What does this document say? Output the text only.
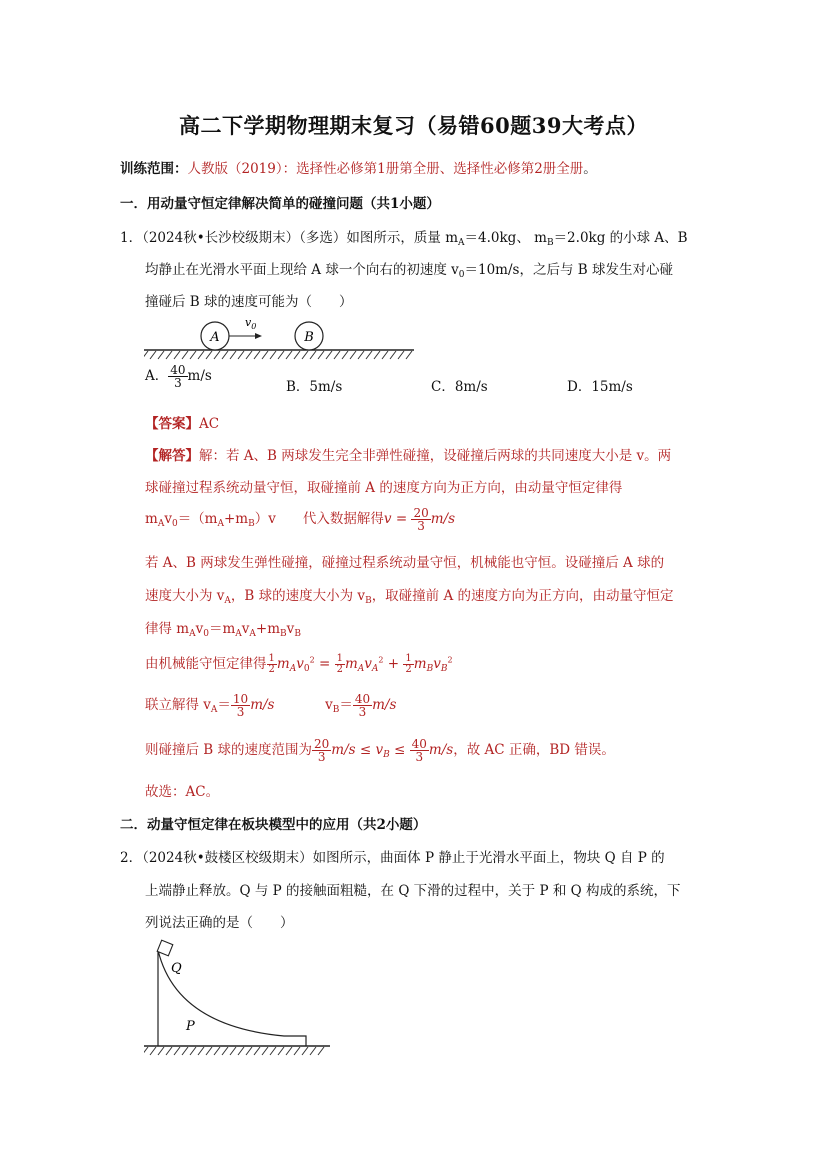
高二下学期物理期末复习（易错60题39大考点）
训练范围：人教版（2019）：选择性必修第1册第全册、选择性必修第2册全册。
一．用动量守恒定律解决简单的碰撞问题（共1小题）
1．（2024秋•长沙校级期末）（多选）如图所示，质量 $m_A=4.0kg$、 $m_B=2.0kg$ 的小球 A、B
均静止在光滑水平面上现给 A 球一个向右的初速度 $v_0=10m/s$，之后与 B 球发生对心碰
撞碰后 B 球的速度可能为（　　）
A	B
$v_0$
A． $\frac{40}{3} m/s$
B．5m/s	C．8m/s	D．15m/s
【答案】AC
【解答】解：若 A、B 两球发生完全非弹性碰撞，设碰撞后两球的共同速度大小是 v。两
球碰撞过程系统动量守恒，取碰撞前 A 的速度方向为正方向，由动量守恒定律得
$m_Av_0=(m_A+m_B)v$　　代入数据解得$v = \frac{20}{3} m/s$
若 A、B 两球发生弹性碰撞，碰撞过程系统动量守恒，机械能也守恒。设碰撞后 A 球的
速度大小为 $v_A$，B 球的速度大小为 $v_B$，取碰撞前 A 的速度方向为正方向，由动量守恒定
律得 $m_Av_0=m_Av_A+m_Bv_B$
由机械能守恒定律得 $\frac{1}{2} m_Av_0^2 = \frac{1}{2} m_Av_A^2 + \frac{1}{2} m_Bv_B^2$
联立解得 $v_A= \frac{10}{3} m/s$	$v_B= \frac{40}{3} m/s$
则碰撞后 B 球的速度范围为 $\frac{20}{3} m/s \le v_B \le \frac{40}{3} m/s$，故 AC 正确，BD 错误。
故选：AC。
二．动量守恒定律在板块模型中的应用（共2小题）
2．（2024秋•鼓楼区校级期末）如图所示，曲面体 P 静止于光滑水平面上，物块 Q 自 P 的
上端静止释放。Q 与 P 的接触面粗糙，在 Q 下滑的过程中，关于 P 和 Q 构成的系统，下
列说法正确的是（　　）
Q
P
